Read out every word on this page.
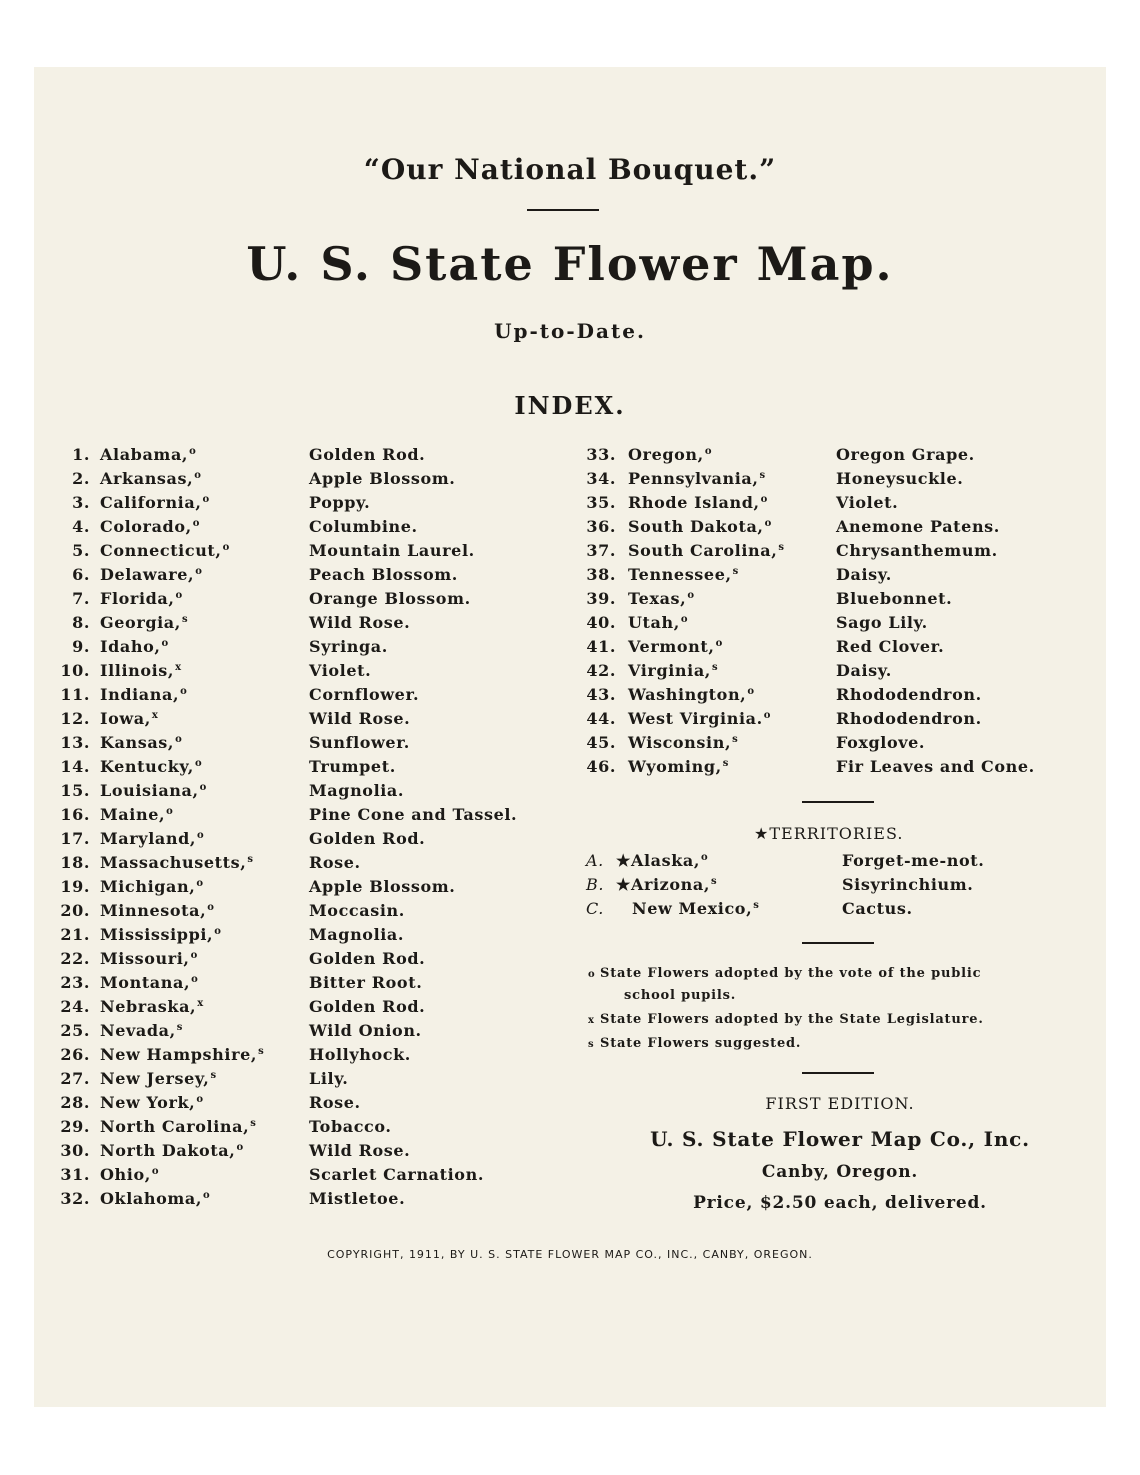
“Our National Bouquet.”
U. S. State Flower Map.
Up-to-Date.
INDEX.
1. Alabama,$^o$	Golden Rod.
2. Arkansas,$^o$	Apple Blossom.
3. California,$^o$	Poppy.
4. Colorado,$^o$	Columbine.
5. Connecticut,$^o$	Mountain Laurel.
6. Delaware,$^o$	Peach Blossom.
7. Florida,$^o$	Orange Blossom.
8. Georgia,$^s$	Wild Rose.
9. Idaho,$^o$	Syringa.
10. Illinois,$^x$	Violet.
11. Indiana,$^o$	Cornflower.
12. Iowa,$^x$	Wild Rose.
13. Kansas,$^o$	Sunflower.
14. Kentucky,$^o$	Trumpet.
15. Louisiana,$^o$	Magnolia.
16. Maine,$^o$	Pine Cone and Tassel.
17. Maryland,$^o$	Golden Rod.
18. Massachusetts,$^s$	Rose.
19. Michigan,$^o$	Apple Blossom.
20. Minnesota,$^o$	Moccasin.
21. Mississippi,$^o$	Magnolia.
22. Missouri,$^o$	Golden Rod.
23. Montana,$^o$	Bitter Root.
24. Nebraska,$^x$	Golden Rod.
25. Nevada,$^s$	Wild Onion.
26. New Hampshire,$^s$	Hollyhock.
27. New Jersey,$^s$	Lily.
28. New York,$^o$	Rose.
29. North Carolina,$^s$	Tobacco.
30. North Dakota,$^o$	Wild Rose.
31. Ohio,$^o$	Scarlet Carnation.
32. Oklahoma,$^o$	Mistletoe.
33. Oregon,$^o$	Oregon Grape.
34. Pennsylvania,$^s$	Honeysuckle.
35. Rhode Island,$^o$	Violet.
36. South Dakota,$^o$	Anemone Patens.
37. South Carolina,$^s$	Chrysanthemum.
38. Tennessee,$^s$	Daisy.
39. Texas,$^o$	Bluebonnet.
40. Utah,$^o$	Sago Lily.
41. Vermont,$^o$	Red Clover.
42. Virginia,$^s$	Daisy.
43. Washington,$^o$	Rhododendron.
44. West Virginia.$^o$	Rhododendron.
45. Wisconsin,$^s$	Foxglove.
46. Wyoming,$^s$	Fir Leaves and Cone.
★TERRITORIES.
A. ★Alaska,$^o$	Forget-me-not.
B. ★Arizona,$^s$	Sisyrinchium.
C. New Mexico,$^s$	Cactus.
o State Flowers adopted by the vote of the public
school pupils.
x State Flowers adopted by the State Legislature.
s State Flowers suggested.
FIRST EDITION.
U. S. State Flower Map Co., Inc.
Canby, Oregon.
Price, $2.50 each, delivered.
COPYRIGHT, 1911, BY U. S. STATE FLOWER MAP CO., INC., CANBY, OREGON.
